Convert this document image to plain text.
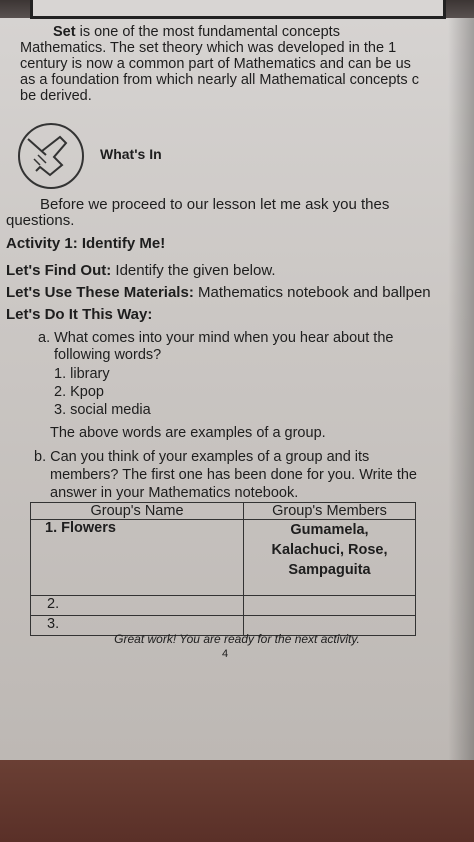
Set is one of the most fundamental concepts

Mathematics. The set theory which was developed in the 1

century is now a common part of Mathematics and can be us

as a foundation from which nearly all Mathematical concepts c

be derived.

What's In
Before we proceed to our lesson let me ask you thes
questions.
Activity 1: Identify Me!
Let's Find Out: Identify the given below.
Let's Use These Materials: Mathematics notebook and ballpen
Let's Do It This Way:
a. What comes into your mind when you hear about the
following words?
1. library
2. Kpop
3. social media
The above words are examples of a group.
b. Can you think of your examples of a group and its
members? The first one has been done for you. Write the
answer in your Mathematics notebook.
Group's Name	Group's Members
1. Flowers	Gumamela,
Kalachuci, Rose,
Sampaguita

2.	
3.	
Great work! You are ready for the next activity.
4
